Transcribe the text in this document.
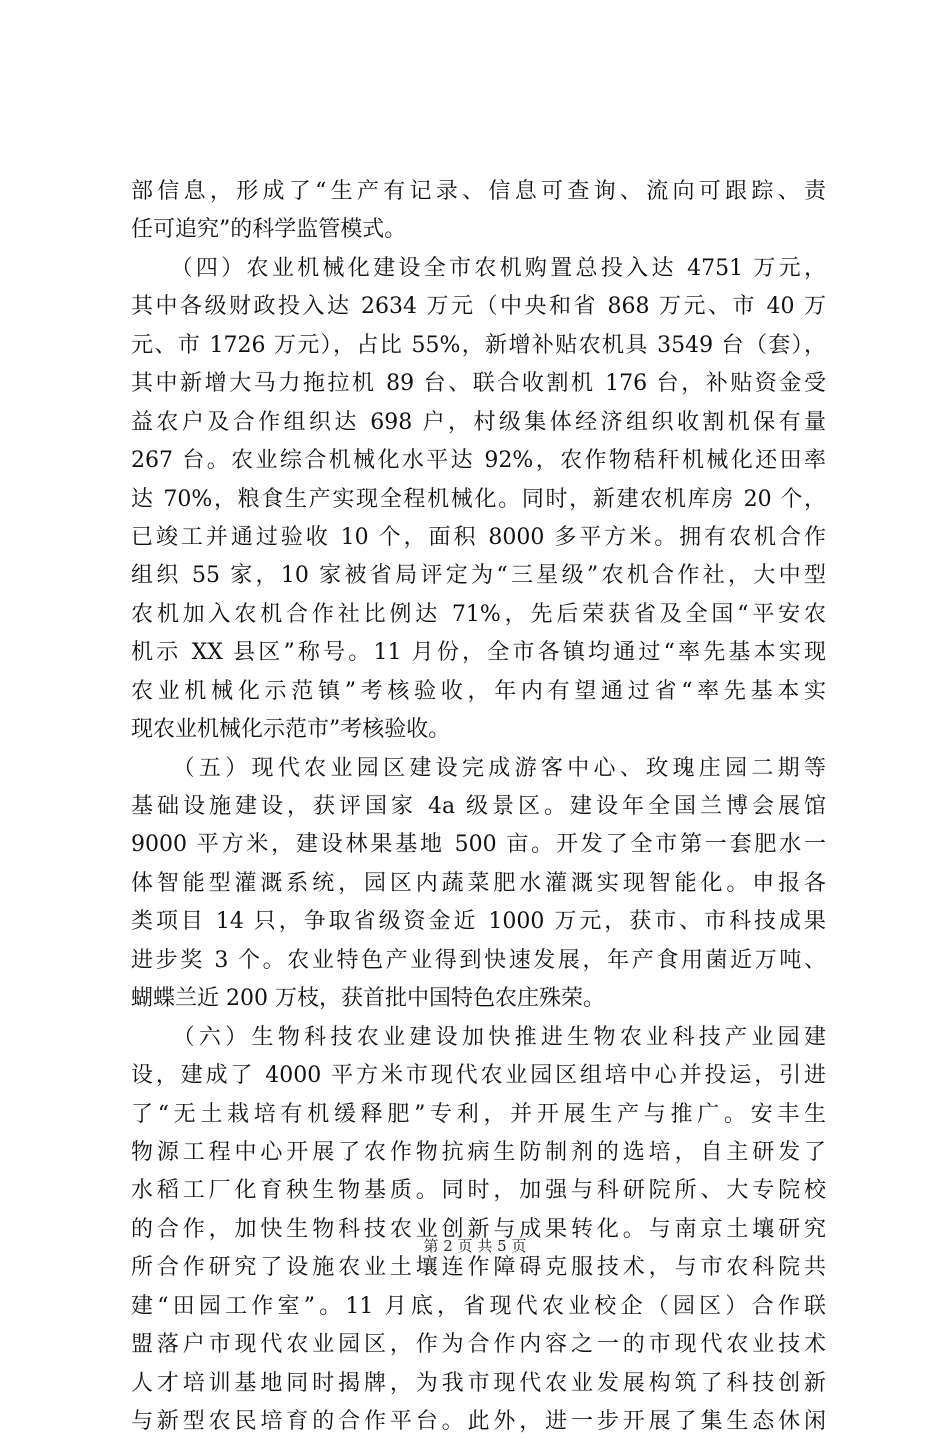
部信息，形成了“生产有记录、信息可查询、流向可跟踪、责
任可追究”的科学监管模式。
　　（四）农业机械化建设全市农机购置总投入达 4751 万元，
其中各级财政投入达 2634 万元（中央和省 868 万元、市 40 万
元、市 1726 万元），占比 55%，新增补贴农机具 3549 台（套），
其中新增大马力拖拉机 89 台、联合收割机 176 台，补贴资金受
益农户及合作组织达 698 户，村级集体经济组织收割机保有量
267 台。农业综合机械化水平达 92%，农作物秸秆机械化还田率
达 70%，粮食生产实现全程机械化。同时，新建农机库房 20 个，
已竣工并通过验收 10 个，面积 8000 多平方米。拥有农机合作
组织 55 家，10 家被省局评定为“三星级”农机合作社，大中型
农机加入农机合作社比例达 71%，先后荣获省及全国“平安农
机示 XX 县区”称号。11 月份，全市各镇均通过“率先基本实现
农业机械化示范镇”考核验收，年内有望通过省“率先基本实
现农业机械化示范市”考核验收。
　　（五）现代农业园区建设完成游客中心、玫瑰庄园二期等
基础设施建设，获评国家 4a 级景区。建设年全国兰博会展馆
9000 平方米，建设林果基地 500 亩。开发了全市第一套肥水一
体智能型灌溉系统，园区内蔬菜肥水灌溉实现智能化。申报各
类项目 14 只，争取省级资金近 1000 万元，获市、市科技成果
进步奖 3 个。农业特色产业得到快速发展，年产食用菌近万吨、
蝴蝶兰近 200 万枝，获首批中国特色农庄殊荣。
　　（六）生物科技农业建设加快推进生物农业科技产业园建
设，建成了 4000 平方米市现代农业园区组培中心并投运，引进
了“无土栽培有机缓释肥”专利，并开展生产与推广。安丰生
物源工程中心开展了农作物抗病生防制剂的选培，自主研发了
水稻工厂化育秧生物基质。同时，加强与科研院所、大专院校
的合作，加快生物科技农业创新与成果转化。与南京土壤研究
所合作研究了设施农业土壤连作障碍克服技术，与市农科院共
建“田园工作室”。11 月底，省现代农业校企（园区）合作联
盟落户市现代农业园区，作为合作内容之一的市现代农业技术
人才培训基地同时揭牌，为我市现代农业发展构筑了科技创新
与新型农民培育的合作平台。此外，进一步开展了集生态休闲
第 2 页 共 5 页
